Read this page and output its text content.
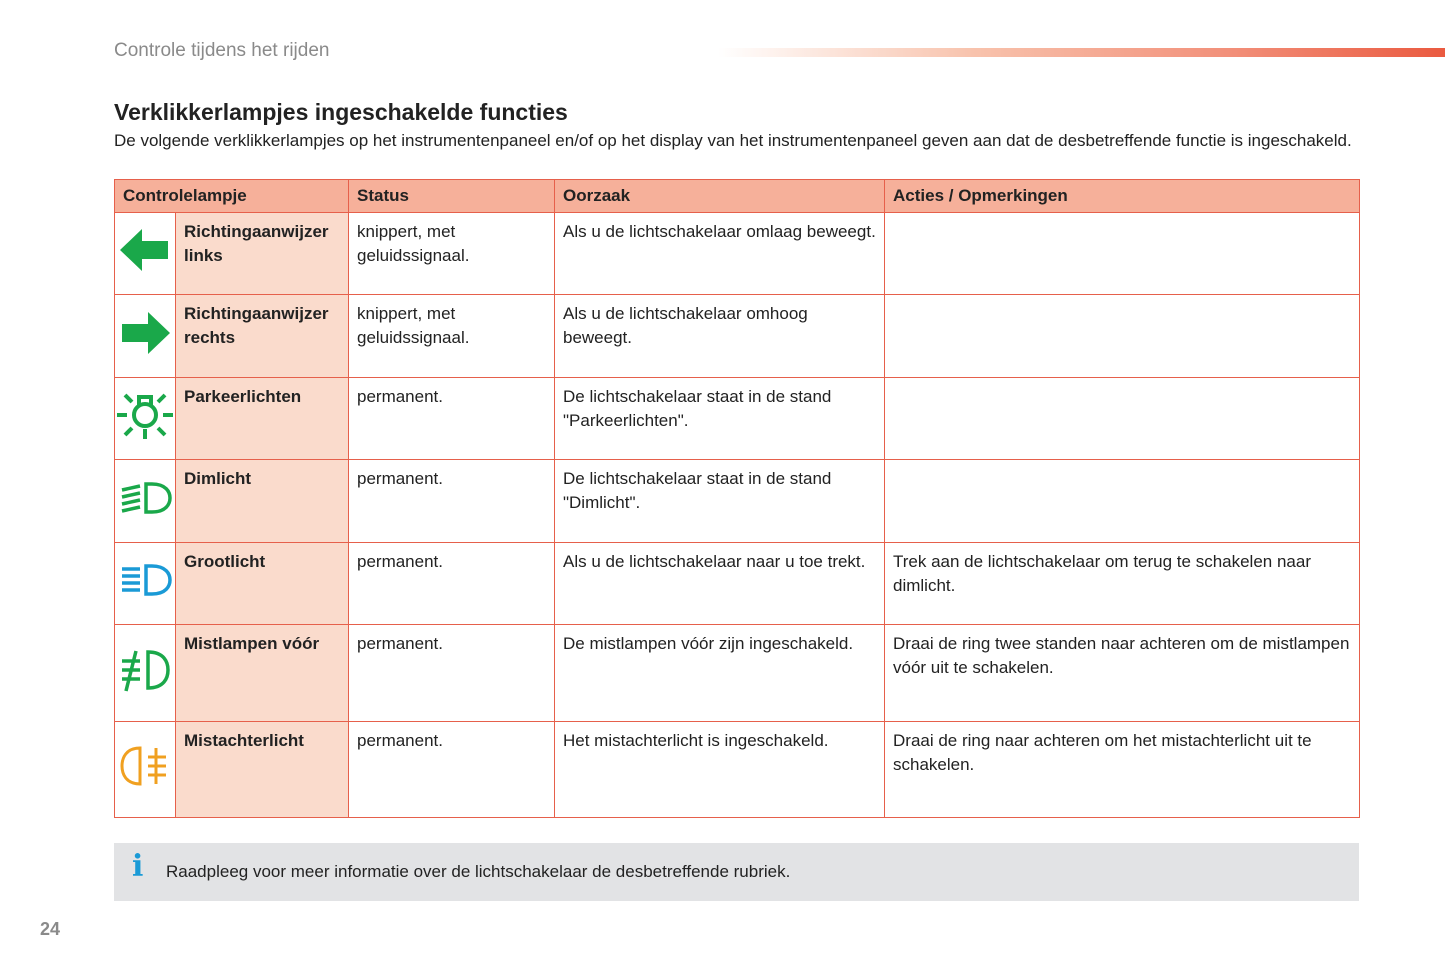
Controle tijdens het rijden
Verklikkerlampjes ingeschakelde functies
De volgende verklikkerlampjes op het instrumentenpaneel en/of op het display van het instrumentenpaneel geven aan dat de desbetreffende functie is ingeschakeld.
Controlelampje		Status	Oorzaak	Acties / Opmerkingen
	Richtingaanwijzer links	knippert, met geluidssignaal.	Als u de lichtschakelaar omlaag beweegt.	
	Richtingaanwijzer rechts	knippert, met geluidssignaal.	Als u de lichtschakelaar omhoog beweegt.	
	Parkeerlichten	permanent.	De lichtschakelaar staat in de stand "Parkeerlichten".	
	Dimlicht	permanent.	De lichtschakelaar staat in de stand "Dimlicht".	
	Grootlicht	permanent.	Als u de lichtschakelaar naar u toe trekt.	Trek aan de lichtschakelaar om terug te schakelen naar dimlicht.
	Mistlampen vóór	permanent.	De mistlampen vóór zijn ingeschakeld.	Draai de ring twee standen naar achteren om de mistlampen vóór uit te schakelen.
	Mistachterlicht	permanent.	Het mistachterlicht is ingeschakeld.	Draai de ring naar achteren om het mistachterlicht uit te schakelen.
i Raadpleeg voor meer informatie over de lichtschakelaar de desbetreffende rubriek.
24
